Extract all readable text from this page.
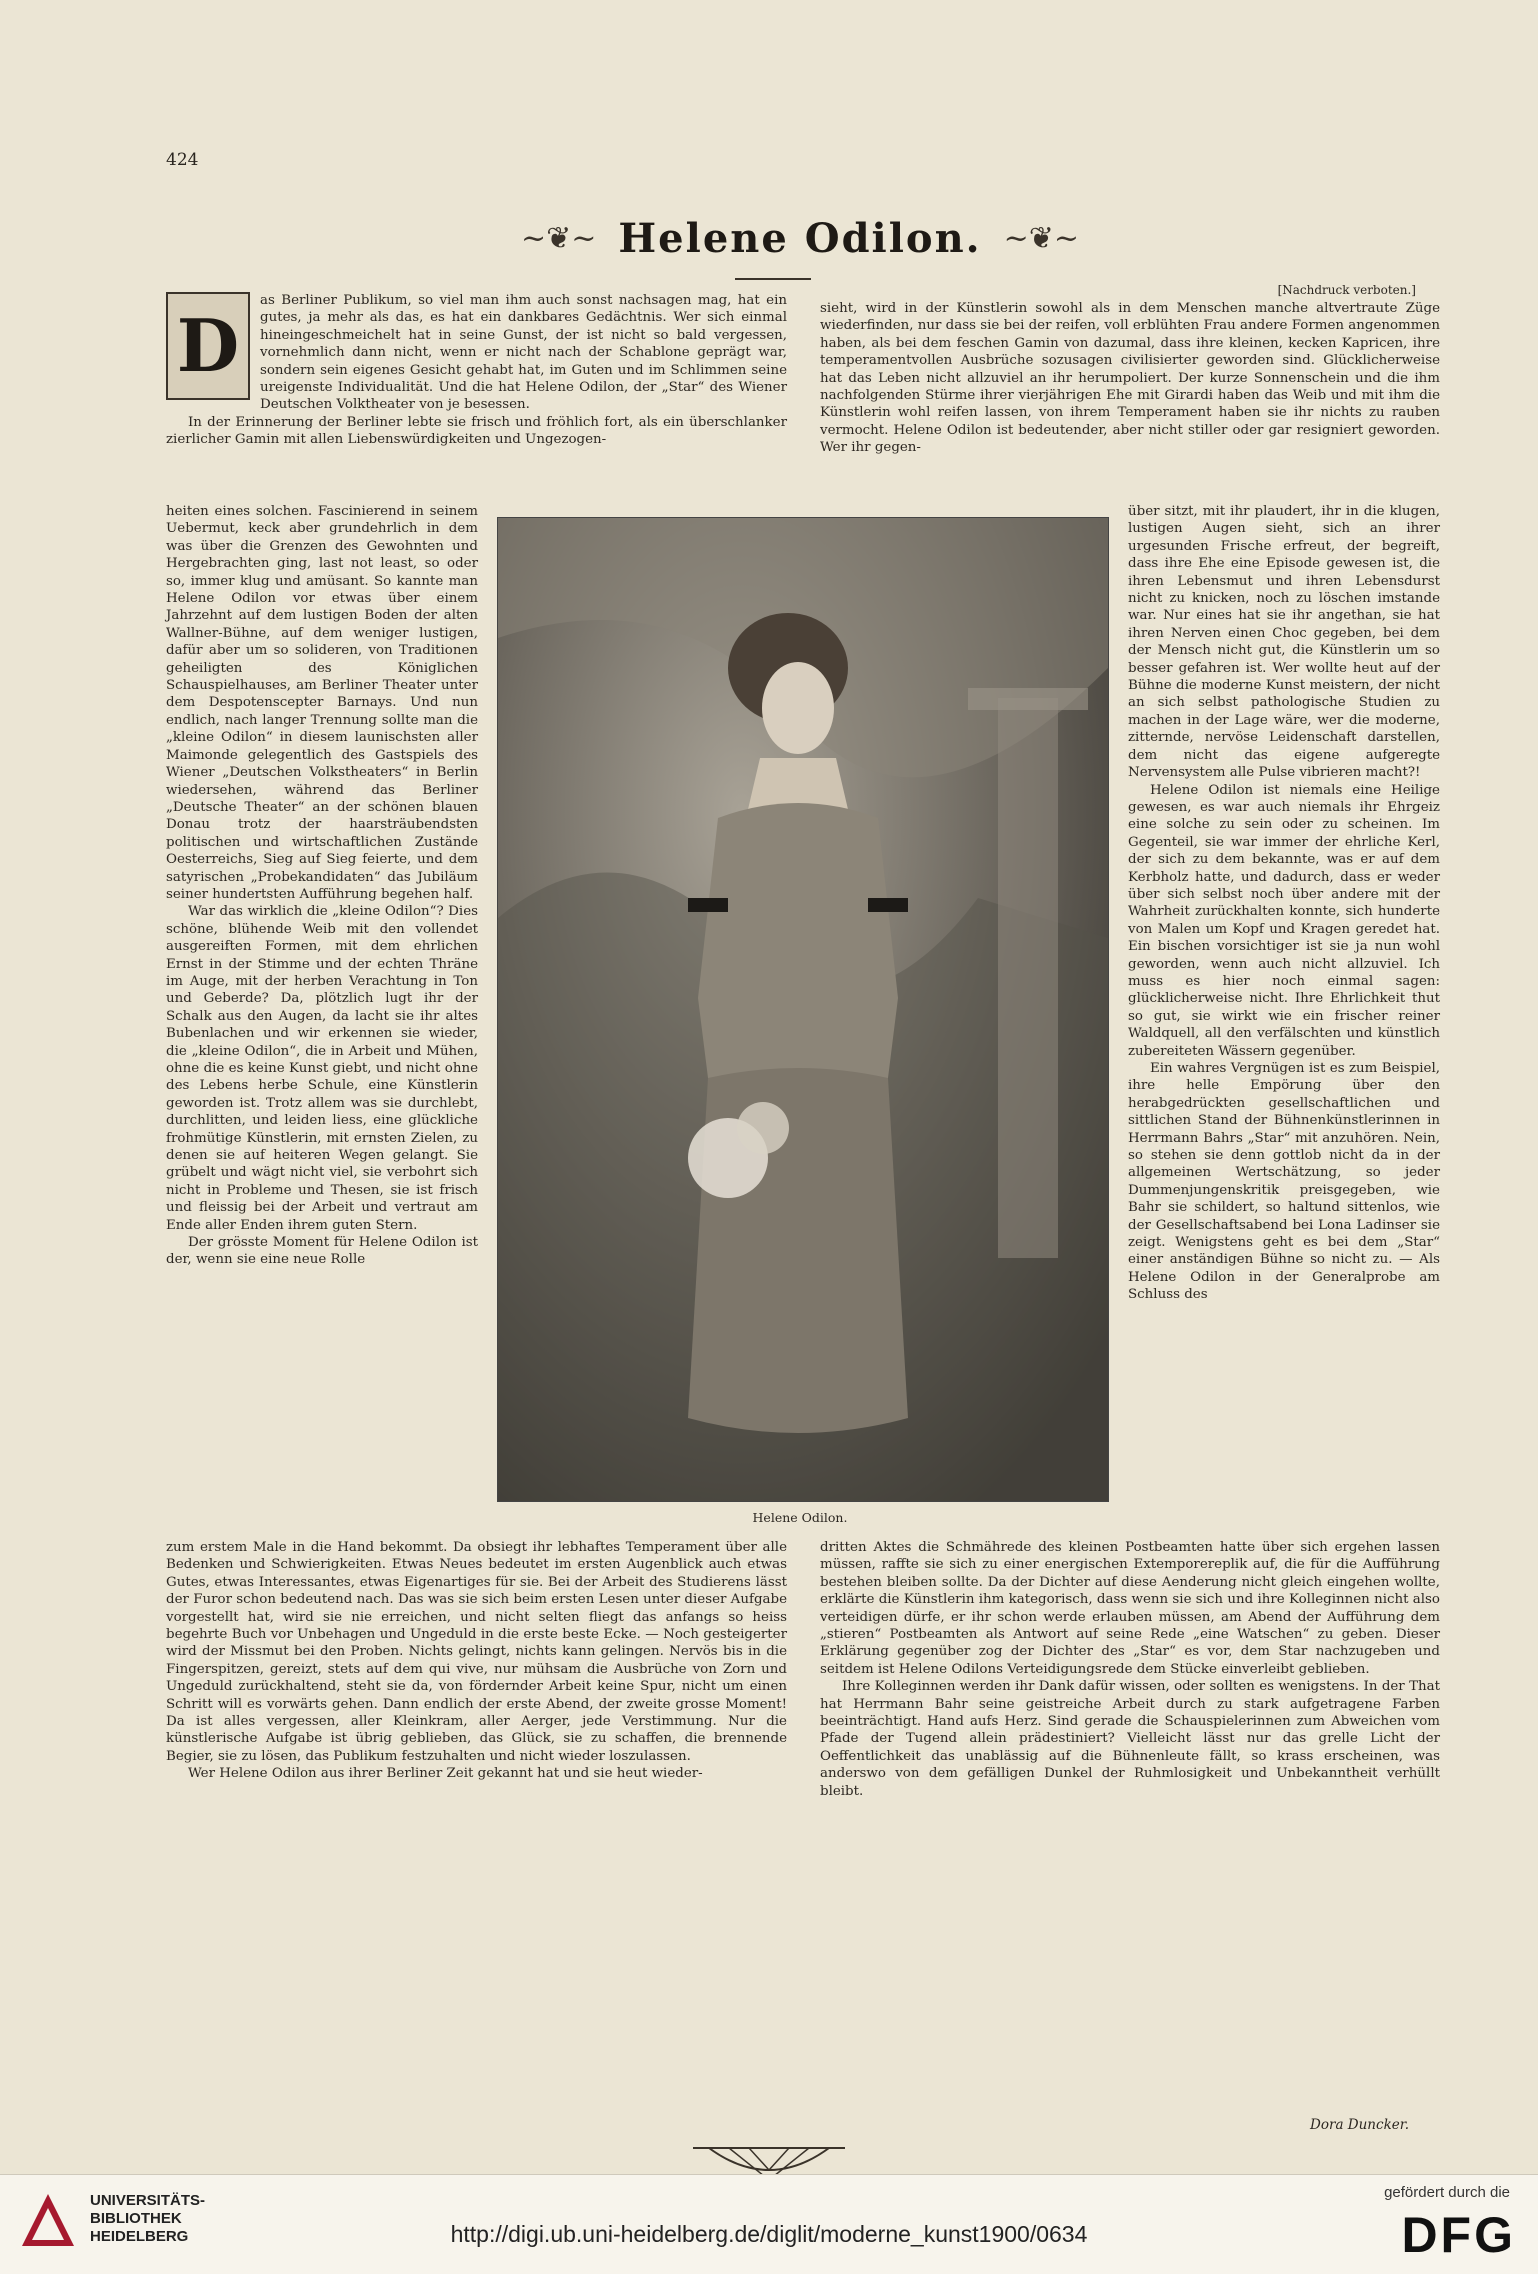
424
~❦~ Helene Odilon. ~❦~
[Nachdruck verboten.]
D

as Berliner Publikum, so viel man ihm auch sonst nachsagen mag, hat ein gutes, ja mehr als das, es hat ein dankbares Gedächtnis. Wer sich einmal hineingeschmeichelt hat in seine Gunst, der ist nicht so bald vergessen, vornehmlich dann nicht, wenn er nicht nach der Schablone geprägt war, sondern sein eigenes Gesicht gehabt hat, im Guten und im Schlimmen seine ureigenste Individualität. Und die hat Helene Odilon, der „Star“ des Wiener Deutschen Volktheater von je besessen.

In der Erinnerung der Berliner lebte sie frisch und fröhlich fort, als ein überschlanker zierlicher Gamin mit allen Liebenswürdigkeiten und Ungezogen-

heiten eines solchen. Fascinierend in seinem Uebermut, keck aber grundehrlich in dem was über die Grenzen des Gewohnten und Hergebrachten ging, last not least, so oder so, immer klug und amüsant. So kannte man Helene Odilon vor etwas über einem Jahrzehnt auf dem lustigen Boden der alten Wallner-Bühne, auf dem weniger lustigen, dafür aber um so solideren, von Traditionen geheiligten des Königlichen Schauspielhauses, am Berliner Theater unter dem Despotenscepter Barnays. Und nun endlich, nach langer Trennung sollte man die „kleine Odilon“ in diesem launischsten aller Maimonde gelegentlich des Gastspiels des Wiener „Deutschen Volkstheaters“ in Berlin wiedersehen, während das Berliner „Deutsche Theater“ an der schönen blauen Donau trotz der haarsträubendsten politischen und wirtschaftlichen Zustände Oesterreichs, Sieg auf Sieg feierte, und dem satyrischen „Probekandidaten“ das Jubiläum seiner hundertsten Aufführung begehen half.

War das wirklich die „kleine Odilon“? Dies schöne, blühende Weib mit den vollendet ausgereiften Formen, mit dem ehrlichen Ernst in der Stimme und der echten Thräne im Auge, mit der herben Verachtung in Ton und Geberde? Da, plötzlich lugt ihr der Schalk aus den Augen, da lacht sie ihr altes Bubenlachen und wir erkennen sie wieder, die „kleine Odilon“, die in Arbeit und Mühen, ohne die es keine Kunst giebt, und nicht ohne des Lebens herbe Schule, eine Künstlerin geworden ist. Trotz allem was sie durchlebt, durchlitten, und leiden liess, eine glückliche frohmütige Künstlerin, mit ernsten Zielen, zu denen sie auf heiteren Wegen gelangt. Sie grübelt und wägt nicht viel, sie verbohrt sich nicht in Probleme und Thesen, sie ist frisch und fleissig bei der Arbeit und vertraut am Ende aller Enden ihrem guten Stern.

Der grösste Moment für Helene Odilon ist der, wenn sie eine neue Rolle

zum erstem Male in die Hand bekommt. Da obsiegt ihr lebhaftes Temperament über alle Bedenken und Schwierigkeiten. Etwas Neues bedeutet im ersten Augenblick auch etwas Gutes, etwas Interessantes, etwas Eigenartiges für sie. Bei der Arbeit des Studierens lässt der Furor schon bedeutend nach. Das was sie sich beim ersten Lesen unter dieser Aufgabe vorgestellt hat, wird sie nie erreichen, und nicht selten fliegt das anfangs so heiss begehrte Buch vor Unbehagen und Ungeduld in die erste beste Ecke. — Noch gesteigerter wird der Missmut bei den Proben. Nichts gelingt, nichts kann gelingen. Nervös bis in die Fingerspitzen, gereizt, stets auf dem qui vive, nur mühsam die Ausbrüche von Zorn und Ungeduld zurückhaltend, steht sie da, von fördernder Arbeit keine Spur, nicht um einen Schritt will es vorwärts gehen. Dann endlich der erste Abend, der zweite grosse Moment! Da ist alles vergessen, aller Kleinkram, aller Aerger, jede Verstimmung. Nur die künstlerische Aufgabe ist übrig geblieben, das Glück, sie zu schaffen, die brennende Begier, sie zu lösen, das Publikum festzuhalten und nicht wieder loszulassen.

Wer Helene Odilon aus ihrer Berliner Zeit gekannt hat und sie heut wieder-

sieht, wird in der Künstlerin sowohl als in dem Menschen manche altvertraute Züge wiederfinden, nur dass sie bei der reifen, voll erblühten Frau andere Formen angenommen haben, als bei dem feschen Gamin von dazumal, dass ihre kleinen, kecken Kapricen, ihre temperamentvollen Ausbrüche sozusagen civilisierter geworden sind. Glücklicherweise hat das Leben nicht allzuviel an ihr herumpoliert. Der kurze Sonnenschein und die ihm nachfolgenden Stürme ihrer vierjährigen Ehe mit Girardi haben das Weib und mit ihm die Künstlerin wohl reifen lassen, von ihrem Temperament haben sie ihr nichts zu rauben vermocht. Helene Odilon ist bedeutender, aber nicht stiller oder gar resigniert geworden. Wer ihr gegen-

über sitzt, mit ihr plaudert, ihr in die klugen, lustigen Augen sieht, sich an ihrer urgesunden Frische erfreut, der begreift, dass ihre Ehe eine Episode gewesen ist, die ihren Lebensmut und ihren Lebensdurst nicht zu knicken, noch zu löschen imstande war. Nur eines hat sie ihr angethan, sie hat ihren Nerven einen Choc gegeben, bei dem der Mensch nicht gut, die Künstlerin um so besser gefahren ist. Wer wollte heut auf der Bühne die moderne Kunst meistern, der nicht an sich selbst pathologische Studien zu machen in der Lage wäre, wer die moderne, zitternde, nervöse Leidenschaft darstellen, dem nicht das eigene aufgeregte Nervensystem alle Pulse vibrieren macht?!

Helene Odilon ist niemals eine Heilige gewesen, es war auch niemals ihr Ehrgeiz eine solche zu sein oder zu scheinen. Im Gegenteil, sie war immer der ehrliche Kerl, der sich zu dem bekannte, was er auf dem Kerbholz hatte, und dadurch, dass er weder über sich selbst noch über andere mit der Wahrheit zurückhalten konnte, sich hunderte von Malen um Kopf und Kragen geredet hat. Ein bischen vorsichtiger ist sie ja nun wohl geworden, wenn auch nicht allzuviel. Ich muss es hier noch einmal sagen: glücklicherweise nicht. Ihre Ehrlichkeit thut so gut, sie wirkt wie ein frischer reiner Waldquell, all den verfälschten und künstlich zubereiteten Wässern gegenüber.

Ein wahres Vergnügen ist es zum Beispiel, ihre helle Empörung über den herabgedrückten gesellschaftlichen und sittlichen Stand der Bühnenkünstlerinnen in Herrmann Bahrs „Star“ mit anzuhören. Nein, so stehen sie denn gottlob nicht da in der allgemeinen Wertschätzung, so jeder Dummenjungenskritik preisgegeben, wie Bahr sie schildert, so haltund sittenlos, wie der Gesellschaftsabend bei Lona Ladinser sie zeigt. Wenigstens geht es bei dem „Star“ einer anständigen Bühne so nicht zu. — Als Helene Odilon in der Generalprobe am Schluss des

dritten Aktes die Schmährede des kleinen Postbeamten hatte über sich ergehen lassen müssen, raffte sie sich zu einer energischen Extemporereplik auf, die für die Aufführung bestehen bleiben sollte. Da der Dichter auf diese Aenderung nicht gleich eingehen wollte, erklärte die Künstlerin ihm kategorisch, dass wenn sie sich und ihre Kolleginnen nicht also verteidigen dürfe, er ihr schon werde erlauben müssen, am Abend der Aufführung dem „stieren“ Postbeamten als Antwort auf seine Rede „eine Watschen“ zu geben. Dieser Erklärung gegenüber zog der Dichter des „Star“ es vor, dem Star nachzugeben und seitdem ist Helene Odilons Verteidigungsrede dem Stücke einverleibt geblieben.

Ihre Kolleginnen werden ihr Dank dafür wissen, oder sollten es wenigstens. In der That hat Herrmann Bahr seine geistreiche Arbeit durch zu stark aufgetragene Farben beeinträchtigt. Hand aufs Herz. Sind gerade die Schauspielerinnen zum Abweichen vom Pfade der Tugend allein prädestiniert? Vielleicht lässt nur das grelle Licht der Oeffentlichkeit das unablässig auf die Bühnenleute fällt, so krass erscheinen, was anderswo von dem gefälligen Dunkel der Ruhmlosigkeit und Unbekanntheit verhüllt bleibt.

Helene Odilon.
Dora Duncker.
UNIVERSITÄTS-
BIBLIOTHEK
HEIDELBERG	http://digi.ub.uni-heidelberg.de/diglit/moderne_kunst1900/0634
gefördert durch die
DFG
